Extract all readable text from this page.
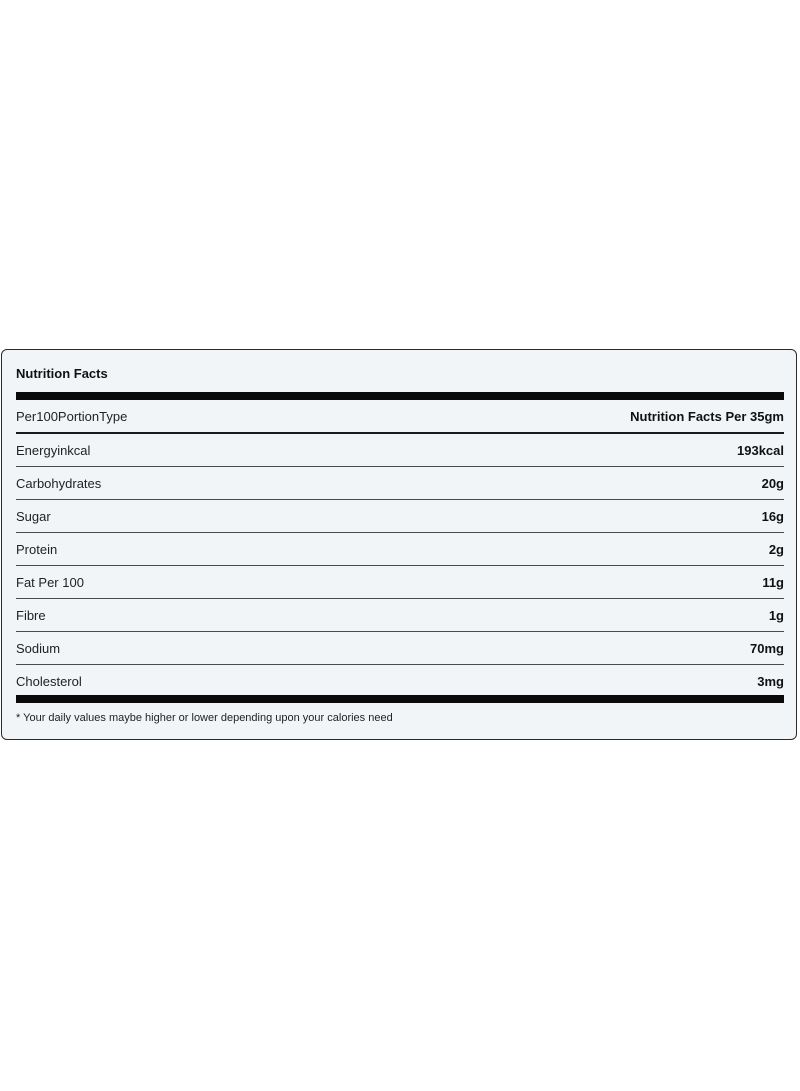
Nutrition Facts
Per100PortionType	Nutrition Facts Per 35gm
Energyinkcal	193kcal
Carbohydrates	20g
Sugar	16g
Protein	2g
Fat Per 100	11g
Fibre	1g
Sodium	70mg
Cholesterol	3mg
* Your daily values maybe higher or lower depending upon your calories need
